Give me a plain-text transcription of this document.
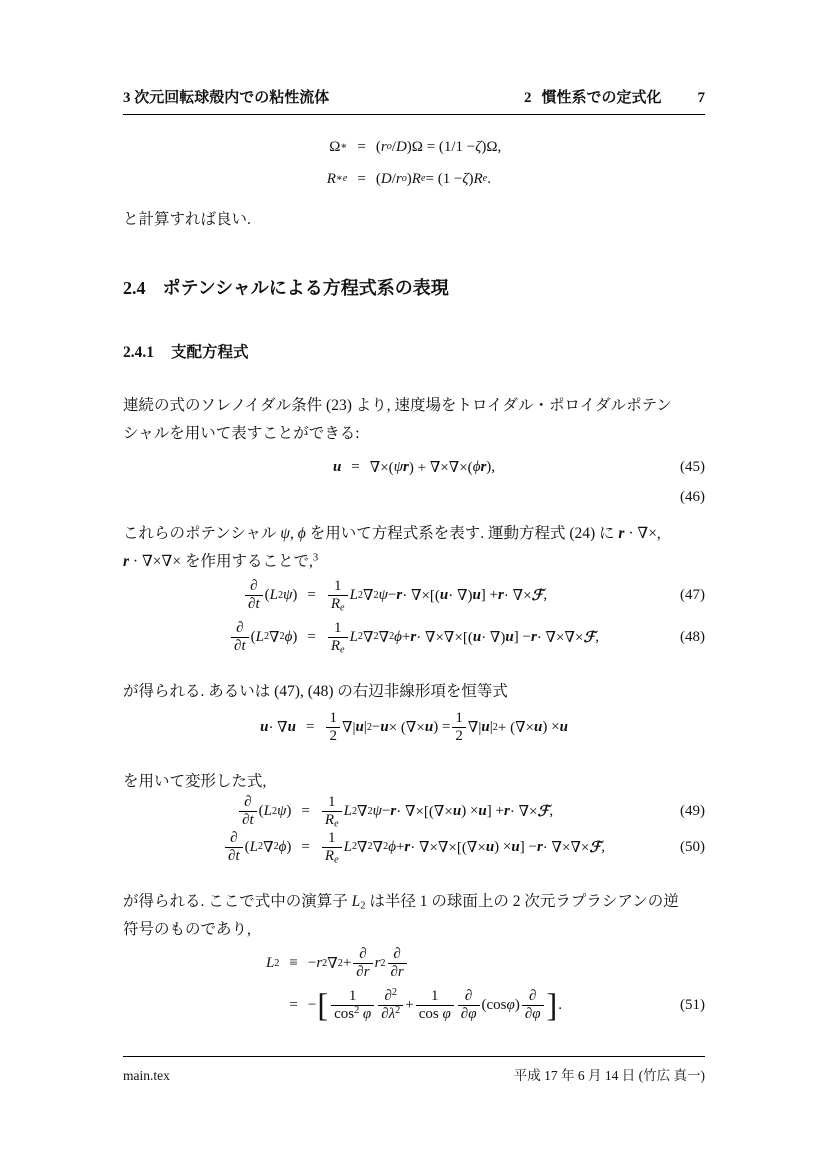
3 次元回転球殻内での粘性流体	2 慣性系での定式化 7
Ω ∗ = ( r o / D )Ω = (1/1 − ζ )Ω,
R ∗ e = ( D / r o ) R e = (1 − ζ ) R e .
と計算すれば良い.
2.4 ポテンシャルによる方程式系の表現
2.4.1 支配方程式
連続の式のソレノイダル条件 (23) より, 速度場をトロイダル・ポロイダルポテン
シャルを用いて表すことができる:
u = ∇×( ψ r ) + ∇×∇×( ϕ r ),	(45)
(46)
これらのポテンシャル ψ, ϕ を用いて方程式系を表す. 運動方程式 (24) に r · ∇×,
r · ∇×∇× を作用することで,$^3$
$\frac{\partial}{\partial t}$ ( L 2 ψ ) = $\frac{1}{R_e}$ L 2 ∇ 2 ψ − r · ∇×[( u · ∇) u ] + r · ∇× ℱ ,	(47)
$\frac{\partial}{\partial t}$ ( L 2 ∇ 2 ϕ ) = $\frac{1}{R_e}$ L 2 ∇ 2 ∇ 2 ϕ + r · ∇×∇×[( u · ∇) u ] − r · ∇×∇× ℱ ,	(48)
が得られる. あるいは (47), (48) の右辺非線形項を恒等式
u · ∇ $u = \frac{1}{2}$ ∇| u | 2 − u × (∇× u ) = $\frac{1}{2}$ ∇| u | 2 + (∇× u ) × u
を用いて変形した式,
$\frac{\partial}{\partial t}$ ( L 2 ψ ) = $\frac{1}{R_e}$ L 2 ∇ 2 ψ − r · ∇×[(∇× u ) × u ] + r · ∇× ℱ ,	(49)
$\frac{\partial}{\partial t}$ ( L 2 ∇ 2 ϕ ) = $\frac{1}{R_e}$ L 2 ∇ 2 ∇ 2 ϕ + r · ∇×∇×[(∇× u ) × u ] − r · ∇×∇× ℱ ,	(50)
が得られる. ここで式中の演算子 $L_2$ は半径 1 の球面上の 2 次元ラプラシアンの逆
符号のものであり,
L 2 ≡ − r 2 ∇ $2 + \frac{\partial}{\partial r}$ r $2 \frac{\partial}{\partial r}$
= − [ $\frac{1}{\cos^2 \varphi} \frac{\partial^2}{\partial\lambda^2} + \frac{1}{\text{cos φ}} \frac{\partial}{\partial\varphi} (\cos$ φ ) $\frac{\partial}{\partial\varphi}$ ] .	(51)
main.tex	平成 17 年 6 月 14 日 (竹広 真一)
